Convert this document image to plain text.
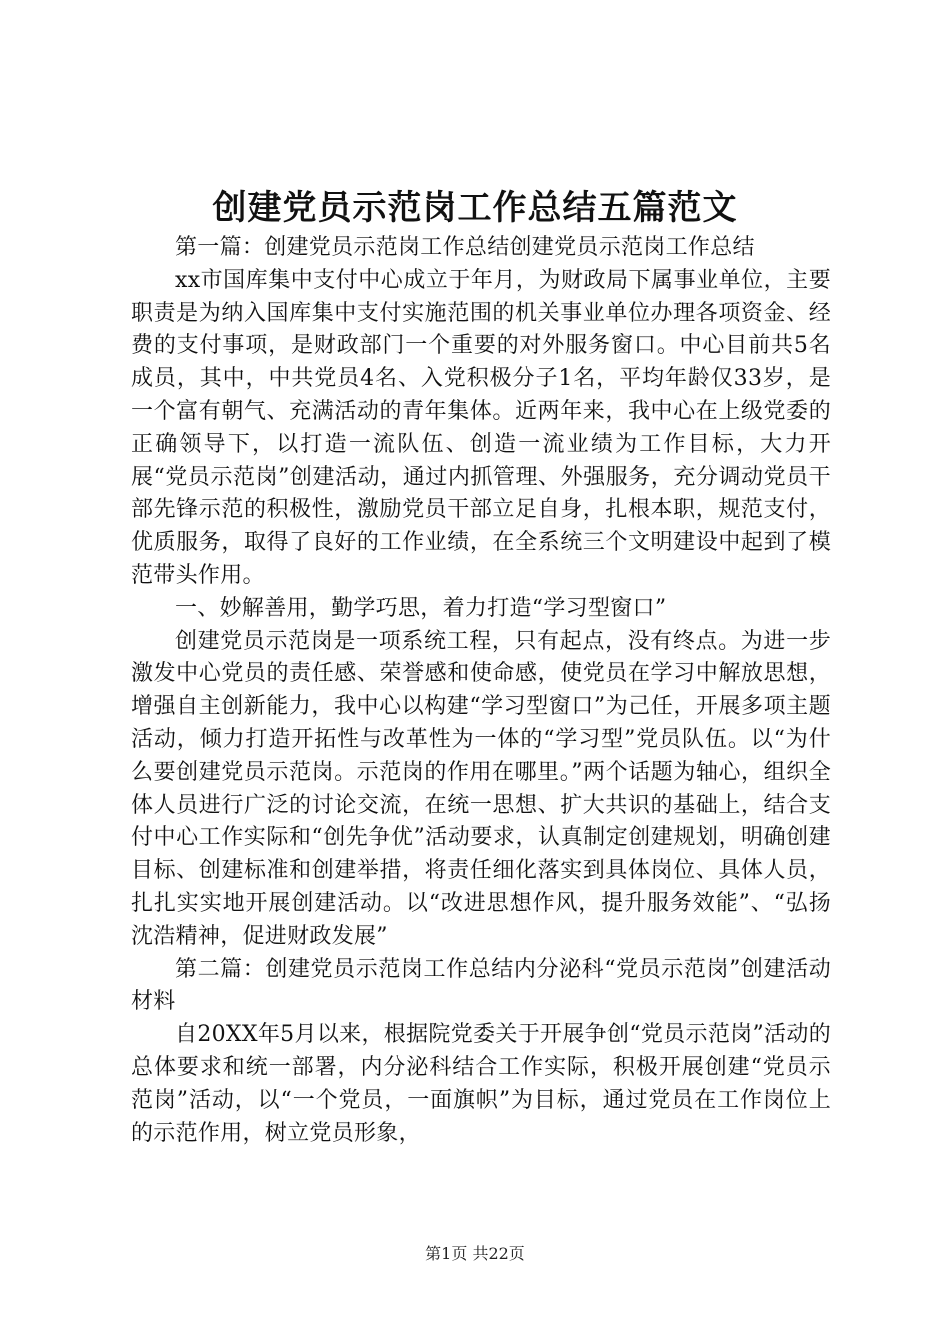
创建党员示范岗工作总结五篇范文

第一篇：创建党员示范岗工作总结创建党员示范岗工作总结

xx市国库集中支付中心成立于年月，为财政局下属事业单位，主要职责是为纳入国库集中支付实施范围的机关事业单位办理各项资金、经费的支付事项，是财政部门一个重要的对外服务窗口。中心目前共5名成员，其中，中共党员4名、入党积极分子1名，平均年龄仅33岁，是一个富有朝气、充满活动的青年集体。近两年来，我中心在上级党委的正确领导下，以打造一流队伍、创造一流业绩为工作目标，大力开展“党员示范岗”创建活动，通过内抓管理、外强服务，充分调动党员干部先锋示范的积极性，激励党员干部立足自身，扎根本职，规范支付，优质服务，取得了良好的工作业绩，在全系统三个文明建设中起到了模范带头作用。

一、妙解善用，勤学巧思，着力打造“学习型窗口”

创建党员示范岗是一项系统工程，只有起点，没有终点。为进一步激发中心党员的责任感、荣誉感和使命感，使党员在学习中解放思想，增强自主创新能力，我中心以构建“学习型窗口”为己任，开展多项主题活动，倾力打造开拓性与改革性为一体的“学习型”党员队伍。以“为什么要创建党员示范岗。示范岗的作用在哪里。”两个话题为轴心，组织全体人员进行广泛的讨论交流，在统一思想、扩大共识的基础上，结合支付中心工作实际和“创先争优”活动要求，认真制定创建规划，明确创建目标、创建标准和创建举措，将责任细化落实到具体岗位、具体人员，扎扎实实地开展创建活动。以“改进思想作风，提升服务效能”、“弘扬沈浩精神，促进财政发展”

第二篇：创建党员示范岗工作总结内分泌科“党员示范岗”创建活动材料

自20XX年5月以来，根据院党委关于开展争创“党员示范岗”活动的总体要求和统一部署，内分泌科结合工作实际，积极开展创建“党员示范岗”活动，以“一个党员，一面旗帜”为目标，通过党员在工作岗位上的示范作用，树立党员形象，

第1页 共22页
